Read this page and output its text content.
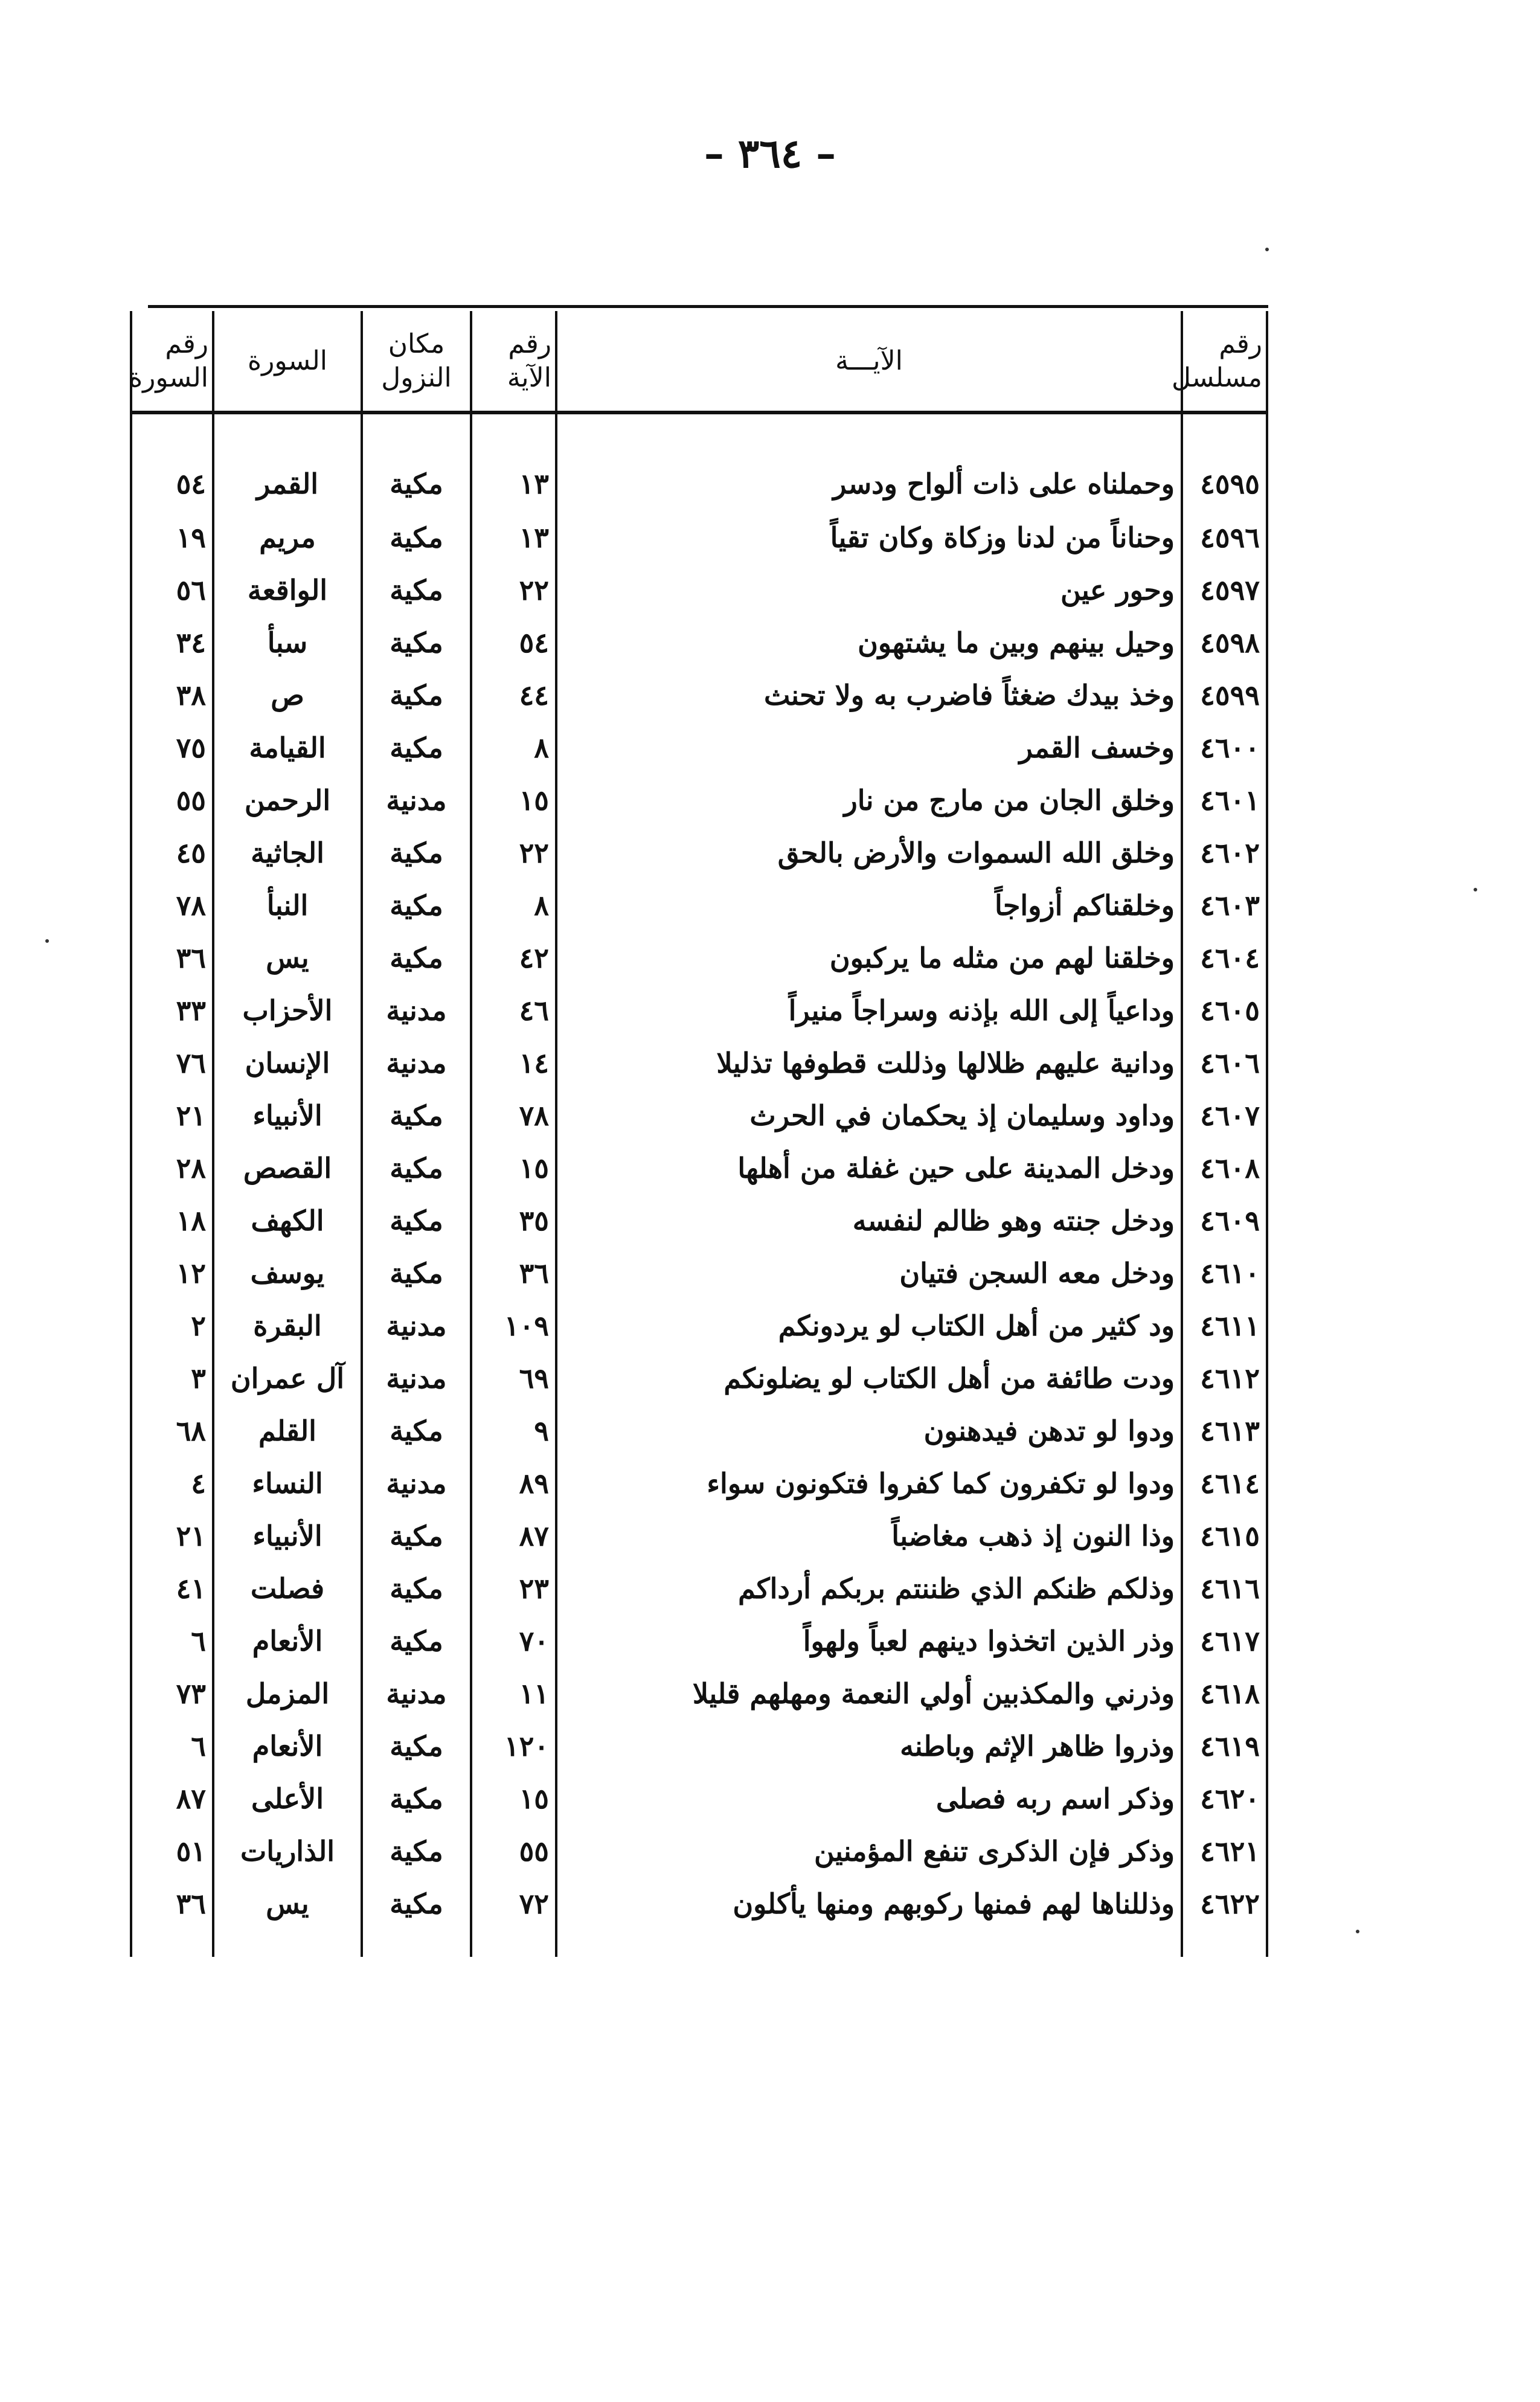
– ٣٦٤ –
رقم مسلسل	الآيـــة	رقم الآية	مكان النزول	السورة	رقم السورة
٤٥٩٥	وحملناه على ذات ألواح ودسر	١٣	مكية	القمر	٥٤
٤٥٩٦	وحناناً من لدنا وزكاة وكان تقياً	١٣	مكية	مريم	١٩
٤٥٩٧	وحور عين	٢٢	مكية	الواقعة	٥٦
٤٥٩٨	وحيل بينهم وبين ما يشتهون	٥٤	مكية	سبأ	٣٤
٤٥٩٩	وخذ بيدك ضغثاً فاضرب به ولا تحنث	٤٤	مكية	ص	٣٨
٤٦٠٠	وخسف القمر	٨	مكية	القيامة	٧٥
٤٦٠١	وخلق الجان من مارج من نار	١٥	مدنية	الرحمن	٥٥
٤٦٠٢	وخلق الله السموات والأرض بالحق	٢٢	مكية	الجاثية	٤٥
٤٦٠٣	وخلقناكم أزواجاً	٨	مكية	النبأ	٧٨
٤٦٠٤	وخلقنا لهم من مثله ما يركبون	٤٢	مكية	يس	٣٦
٤٦٠٥	وداعياً إلى الله بإذنه وسراجاً منيراً	٤٦	مدنية	الأحزاب	٣٣
٤٦٠٦	ودانية عليهم ظلالها وذللت قطوفها تذليلا	١٤	مدنية	الإنسان	٧٦
٤٦٠٧	وداود وسليمان إذ يحكمان في الحرث	٧٨	مكية	الأنبياء	٢١
٤٦٠٨	ودخل المدينة على حين غفلة من أهلها	١٥	مكية	القصص	٢٨
٤٦٠٩	ودخل جنته وهو ظالم لنفسه	٣٥	مكية	الكهف	١٨
٤٦١٠	ودخل معه السجن فتيان	٣٦	مكية	يوسف	١٢
٤٦١١	ود كثير من أهل الكتاب لو يردونكم	١٠٩	مدنية	البقرة	٢
٤٦١٢	ودت طائفة من أهل الكتاب لو يضلونكم	٦٩	مدنية	آل عمران	٣
٤٦١٣	ودوا لو تدهن فيدهنون	٩	مكية	القلم	٦٨
٤٦١٤	ودوا لو تكفرون كما كفروا فتكونون سواء	٨٩	مدنية	النساء	٤
٤٦١٥	وذا النون إذ ذهب مغاضباً	٨٧	مكية	الأنبياء	٢١
٤٦١٦	وذلكم ظنكم الذي ظننتم بربكم أرداكم	٢٣	مكية	فصلت	٤١
٤٦١٧	وذر الذين اتخذوا دينهم لعباً ولهواً	٧٠	مكية	الأنعام	٦
٤٦١٨	وذرني والمكذبين أولي النعمة ومهلهم قليلا	١١	مدنية	المزمل	٧٣
٤٦١٩	وذروا ظاهر الإثم وباطنه	١٢٠	مكية	الأنعام	٦
٤٦٢٠	وذكر اسم ربه فصلى	١٥	مكية	الأعلى	٨٧
٤٦٢١	وذكر فإن الذكرى تنفع المؤمنين	٥٥	مكية	الذاريات	٥١
٤٦٢٢	وذللناها لهم فمنها ركوبهم ومنها يأكلون	٧٢	مكية	يس	٣٦
